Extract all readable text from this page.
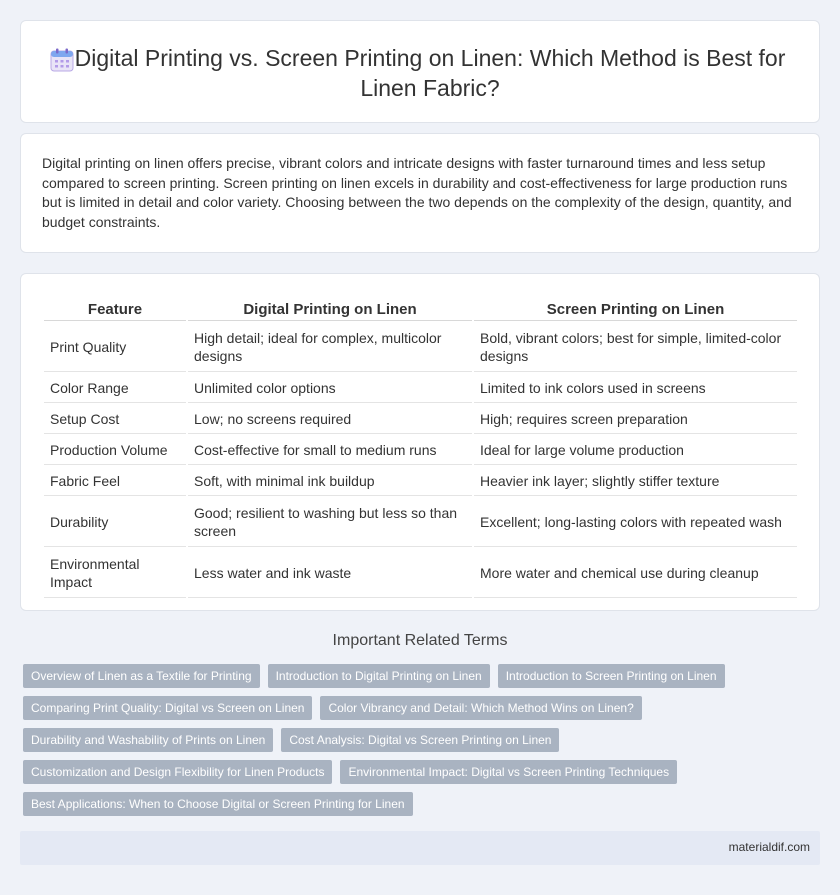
Digital Printing vs. Screen Printing on Linen: Which Method is Best for Linen Fabric?

Digital printing on linen offers precise, vibrant colors and intricate designs with faster turnaround times and less setup compared to screen printing. Screen printing on linen excels in durability and cost-effectiveness for large production runs but is limited in detail and color variety. Choosing between the two depends on the complexity of the design, quantity, and budget constraints.

Feature	Digital Printing on Linen	Screen Printing on Linen
Print Quality	High detail; ideal for complex, multicolor designs	Bold, vibrant colors; best for simple, limited-color designs
Color Range	Unlimited color options	Limited to ink colors used in screens
Setup Cost	Low; no screens required	High; requires screen preparation
Production Volume	Cost-effective for small to medium runs	Ideal for large volume production
Fabric Feel	Soft, with minimal ink buildup	Heavier ink layer; slightly stiffer texture
Durability	Good; resilient to washing but less so than screen	Excellent; long-lasting colors with repeated wash
Environmental Impact	Less water and ink waste	More water and chemical use during cleanup
Important Related Terms
Overview of Linen as a Textile for Printing	Introduction to Digital Printing on Linen	Introduction to Screen Printing on Linen
Comparing Print Quality: Digital vs Screen on Linen	Color Vibrancy and Detail: Which Method Wins on Linen?
Durability and Washability of Prints on Linen	Cost Analysis: Digital vs Screen Printing on Linen
Customization and Design Flexibility for Linen Products	Environmental Impact: Digital vs Screen Printing Techniques
Best Applications: When to Choose Digital or Screen Printing for Linen
materialdif.com
